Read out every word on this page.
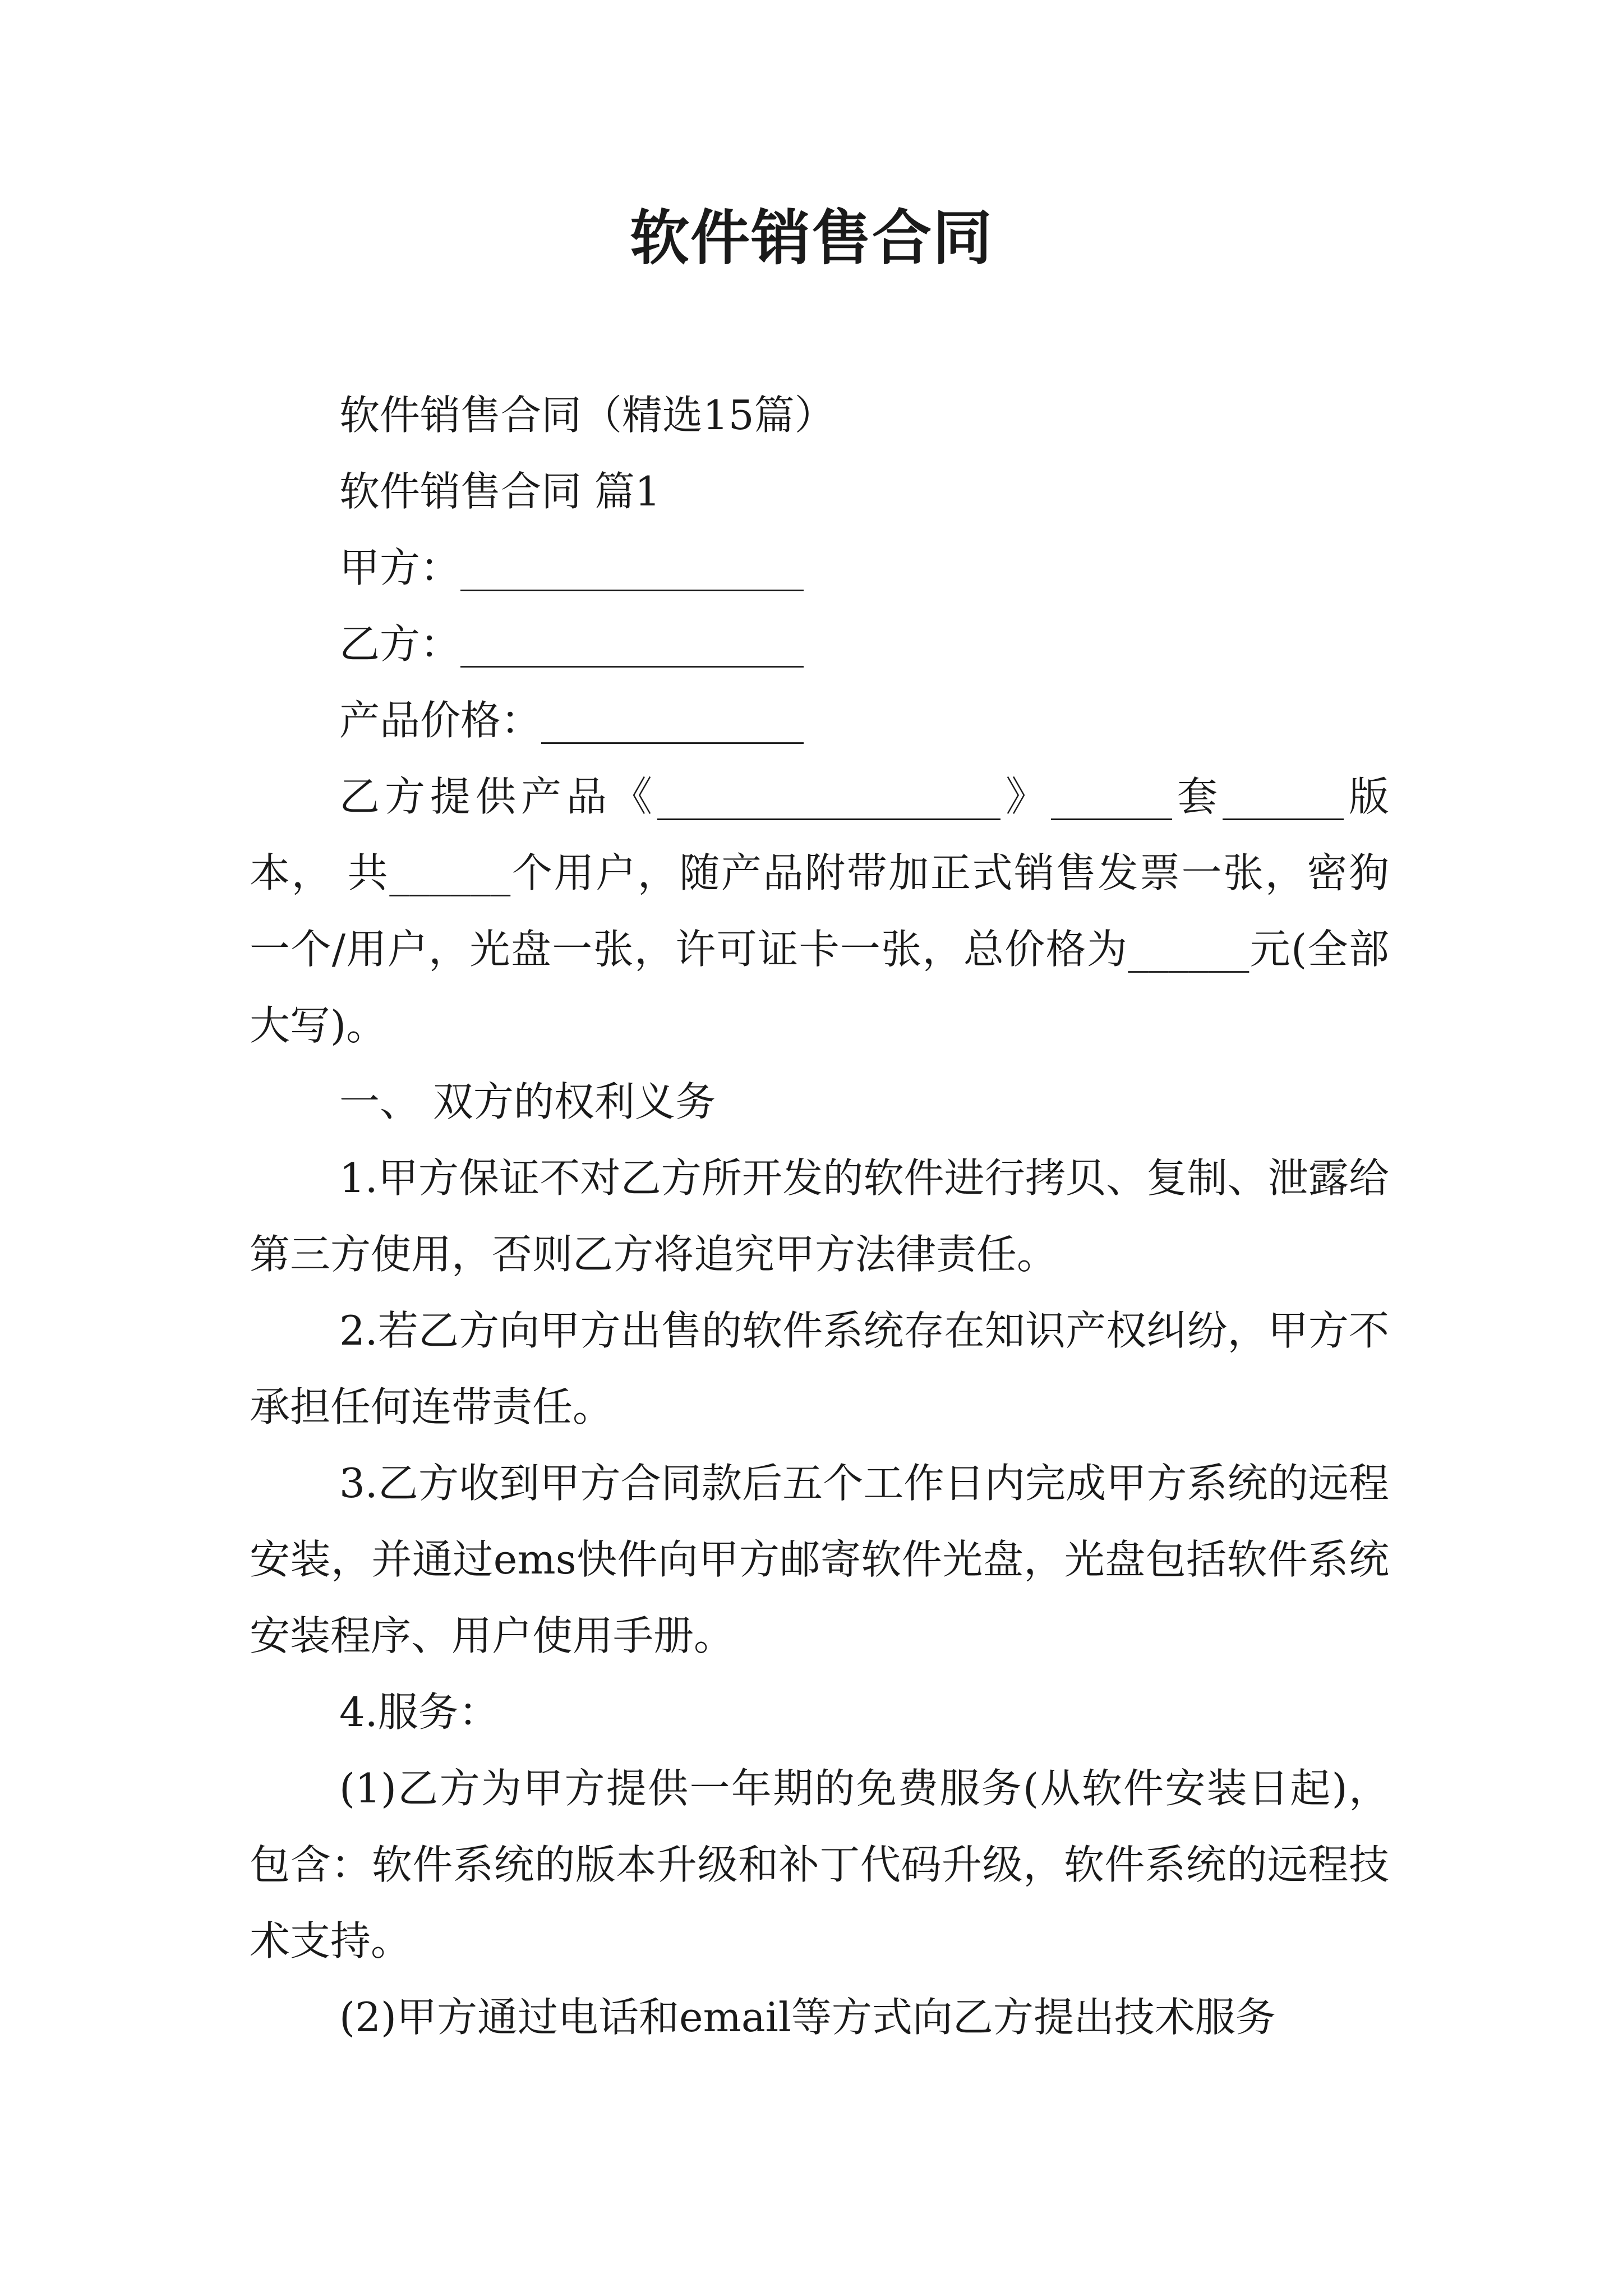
软件销售合同

软件销售合同（精选15篇）

软件销售合同 篇1

甲方：_________________

乙方：_________________

产品价格：_____________

乙方提供产品《_________________》______套______版本， 共______个用户，随产品附带加正式销售发票一张，密狗一个/用户，光盘一张，许可证卡一张，总价格为______元(全部大写)。

一、 双方的权利义务

1.甲方保证不对乙方所开发的软件进行拷贝、复制、泄露给第三方使用，否则乙方将追究甲方法律责任。

2.若乙方向甲方出售的软件系统存在知识产权纠纷，甲方不承担任何连带责任。

3.乙方收到甲方合同款后五个工作日内完成甲方系统的远程安装，并通过ems快件向甲方邮寄软件光盘，光盘包括软件系统安装程序、用户使用手册。

4.服务：

(1)乙方为甲方提供一年期的免费服务(从软件安装日起)，包含：软件系统的版本升级和补丁代码升级，软件系统的远程技术支持。

(2)甲方通过电话和email等方式向乙方提出技术服务
